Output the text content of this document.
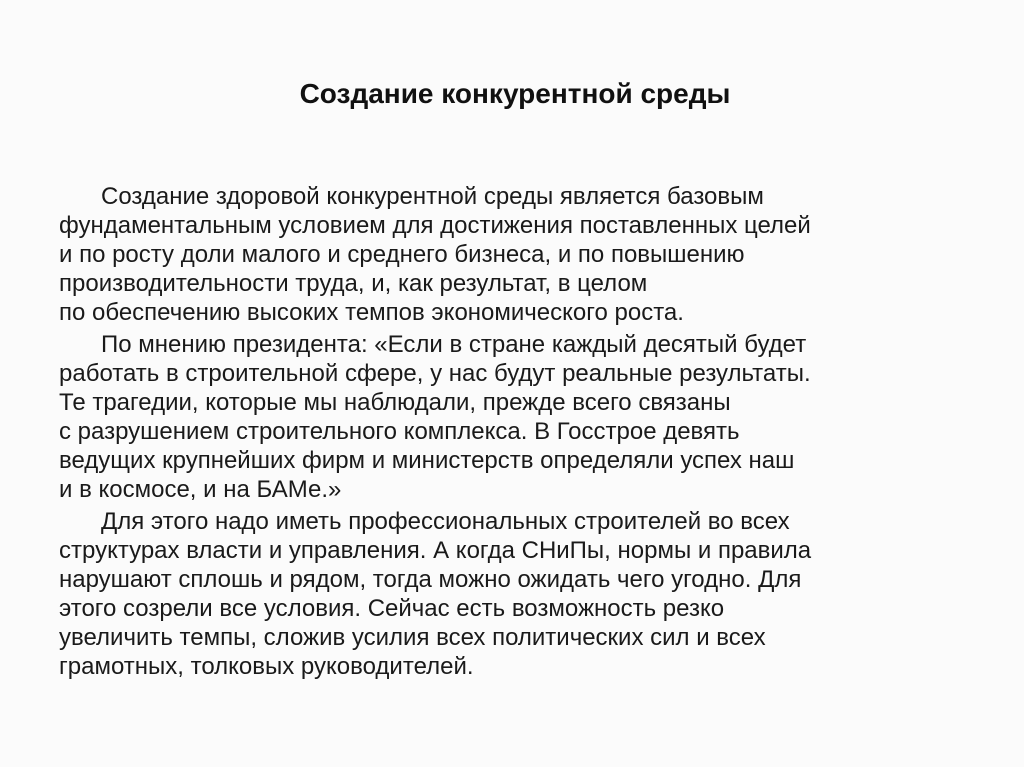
Создание конкурентной среды
Создание здоровой конкурентной среды является базовым
фундаментальным условием для достижения поставленных целей
и по росту доли малого и среднего бизнеса, и по повышению
производительности труда, и, как результат, в целом
по обеспечению высоких темпов экономического роста.
По мнению президента: «Если в стране каждый десятый будет
работать в строительной сфере, у нас будут реальные результаты.
Те трагедии, которые мы наблюдали, прежде всего связаны
с разрушением строительного комплекса. В Госстрое девять
ведущих крупнейших фирм и министерств определяли успех наш
и в космосе, и на БАМе.»
Для этого надо иметь профессиональных строителей во всех
структурах власти и управления. А когда СНиПы, нормы и правила
нарушают сплошь и рядом, тогда можно ожидать чего угодно. Для
этого созрели все условия. Сейчас есть возможность резко
увеличить темпы, сложив усилия всех политических сил и всех
грамотных, толковых руководителей.
